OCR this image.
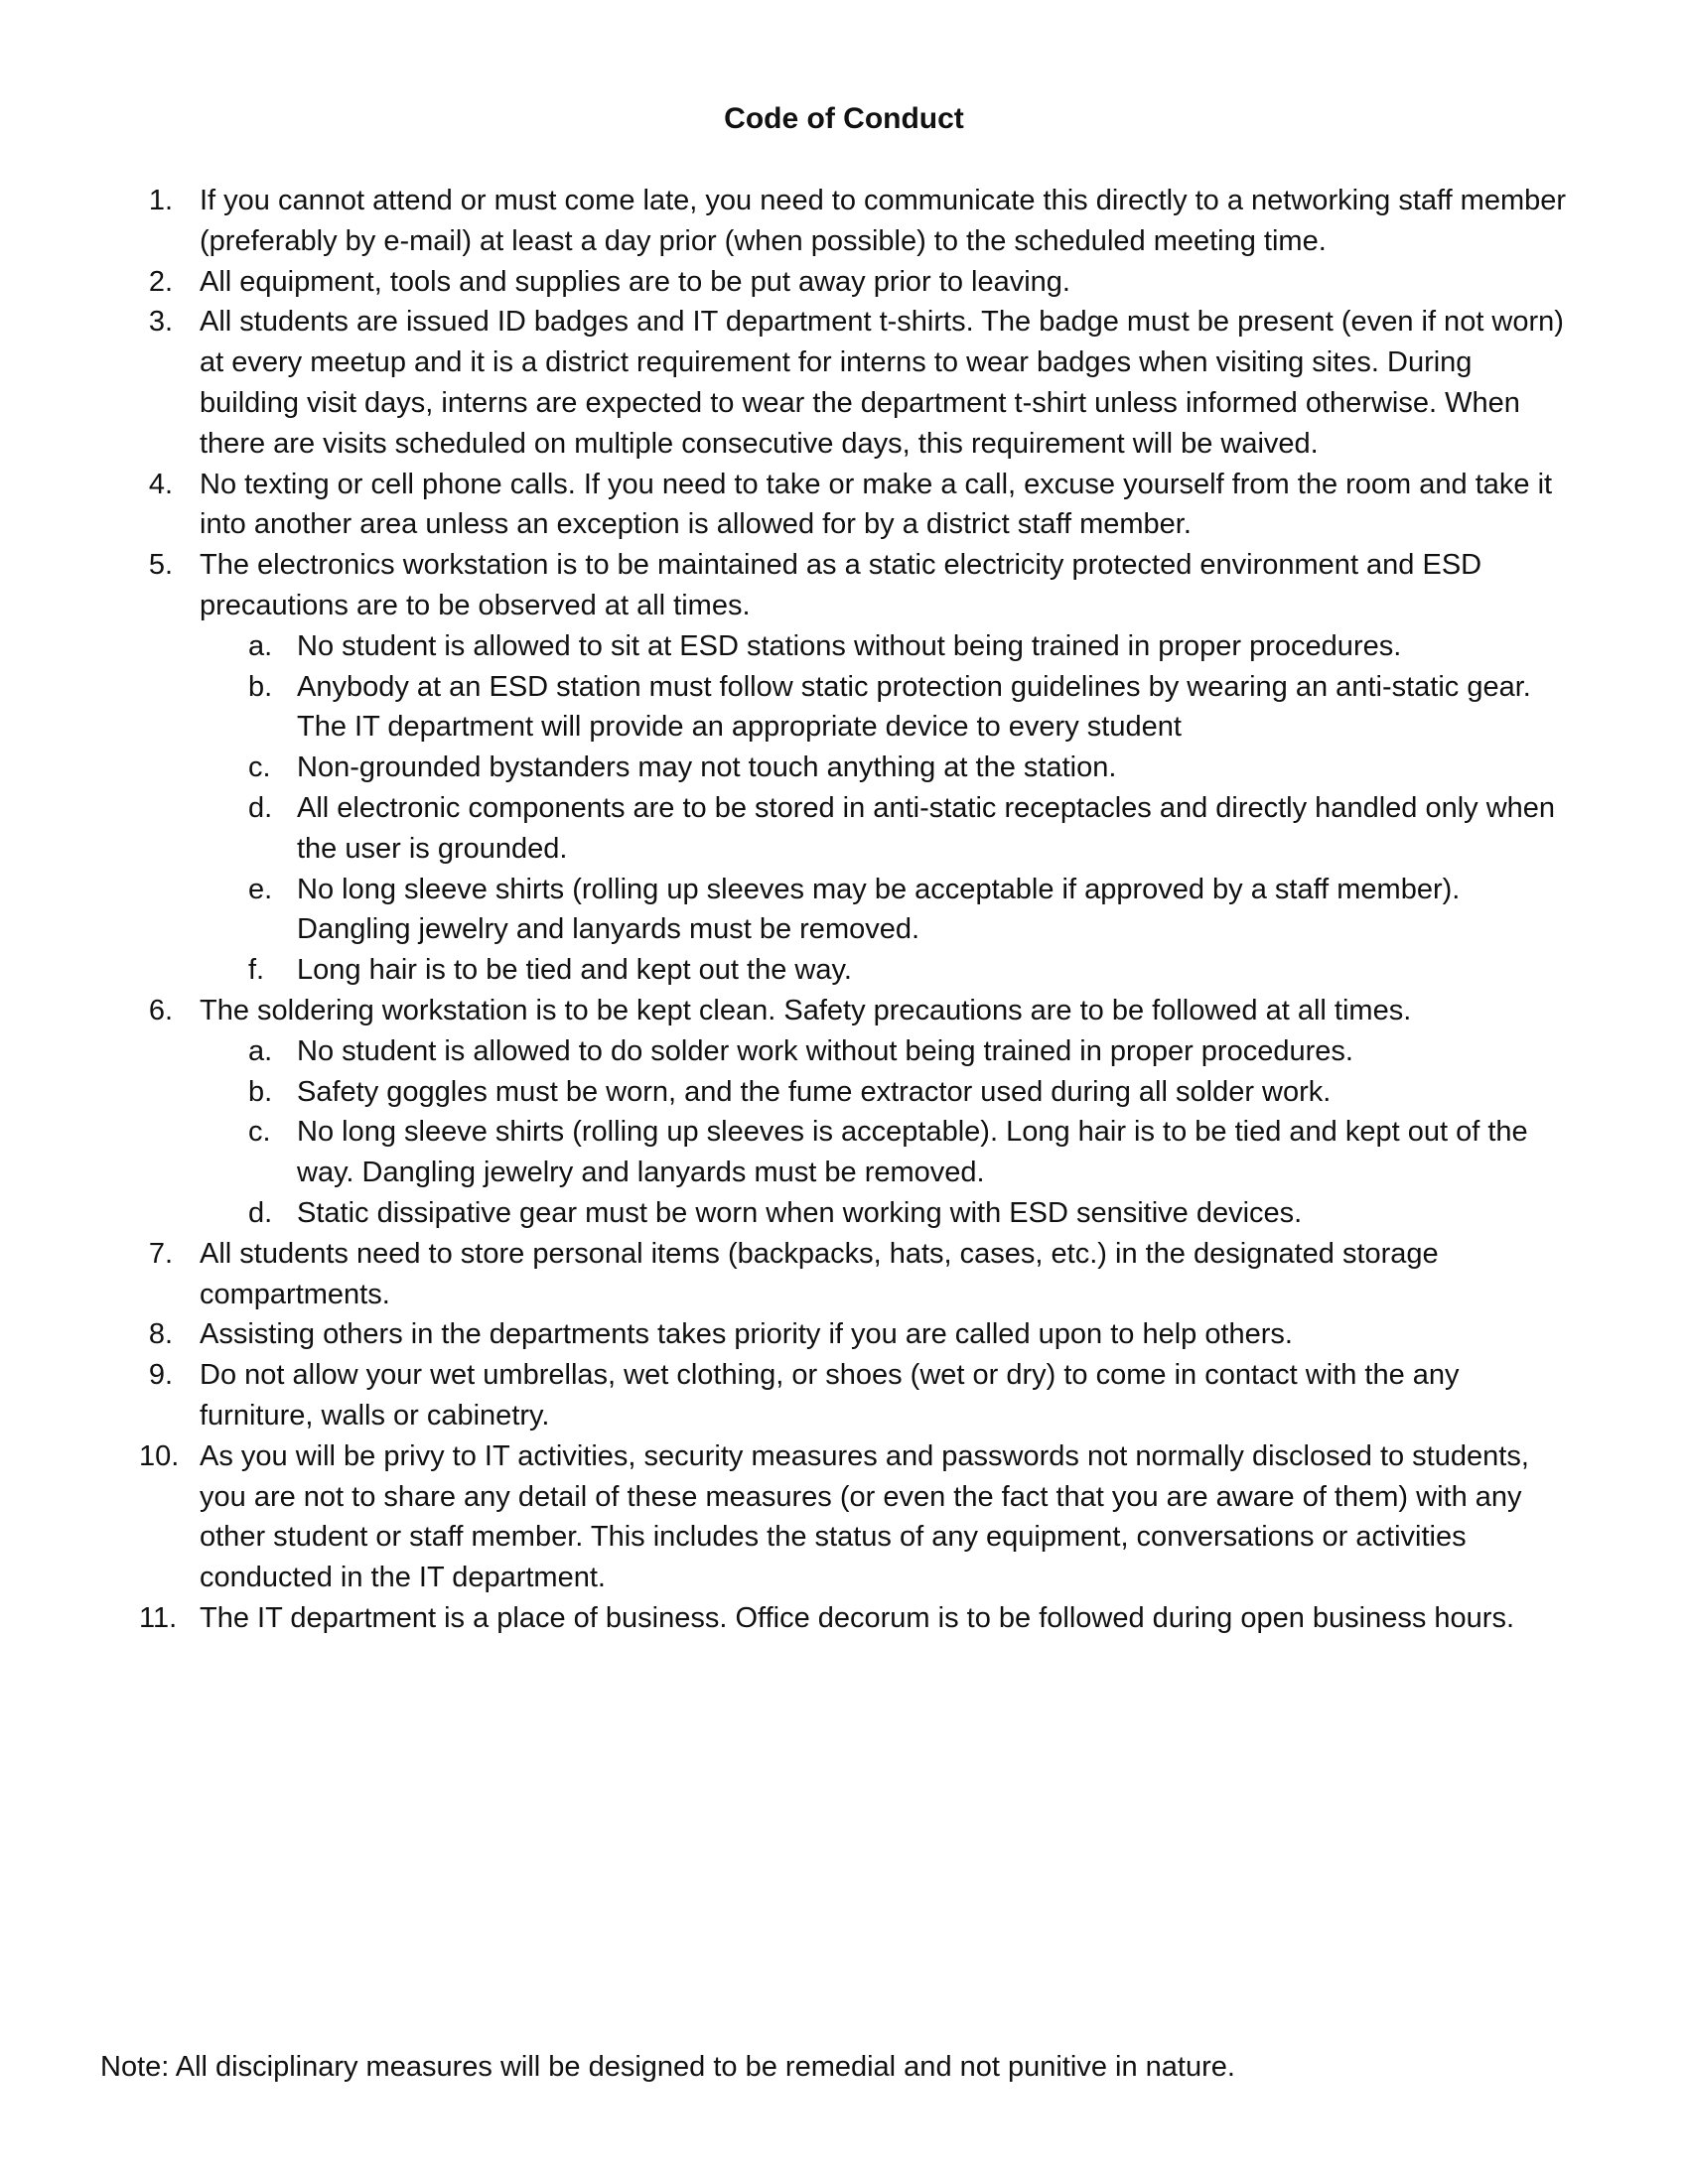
Code of Conduct
1. If you cannot attend or must come late, you need to communicate this directly to a networking staff member (preferably by e-mail) at least a day prior (when possible) to the scheduled meeting time.
2. All equipment, tools and supplies are to be put away prior to leaving.
3. All students are issued ID badges and IT department t-shirts. The badge must be present (even if not worn) at every meetup and it is a district requirement for interns to wear badges when visiting sites. During building visit days, interns are expected to wear the department t-shirt unless informed otherwise. When there are visits scheduled on multiple consecutive days, this requirement will be waived.
4. No texting or cell phone calls. If you need to take or make a call, excuse yourself from the room and take it into another area unless an exception is allowed for by a district staff member.
5. The electronics workstation is to be maintained as a static electricity protected environment and ESD precautions are to be observed at all times.
a. No student is allowed to sit at ESD stations without being trained in proper procedures.
b. Anybody at an ESD station must follow static protection guidelines by wearing an anti-static gear. The IT department will provide an appropriate device to every student
c. Non-grounded bystanders may not touch anything at the station.
d. All electronic components are to be stored in anti-static receptacles and directly handled only when the user is grounded.
e. No long sleeve shirts (rolling up sleeves may be acceptable if approved by a staff member). Dangling jewelry and lanyards must be removed.
f.	Long hair is to be tied and kept out the way.
6. The soldering workstation is to be kept clean. Safety precautions are to be followed at all times.
a. No student is allowed to do solder work without being trained in proper procedures.
b. Safety goggles must be worn, and the fume extractor used during all solder work.
c. No long sleeve shirts (rolling up sleeves is acceptable). Long hair is to be tied and kept out of the way. Dangling jewelry and lanyards must be removed.
d. Static dissipative gear must be worn when working with ESD sensitive devices.
7. All students need to store personal items (backpacks, hats, cases, etc.) in the designated storage compartments.
8. Assisting others in the departments takes priority if you are called upon to help others.
9. Do not allow your wet umbrellas, wet clothing, or shoes (wet or dry) to come in contact with the any furniture, walls or cabinetry.
10. As you will be privy to IT activities, security measures and passwords not normally disclosed to students, you are not to share any detail of these measures (or even the fact that you are aware of them) with any other student or staff member. This includes the status of any equipment, conversations or activities conducted in the IT department.
11. The IT department is a place of business. Office decorum is to be followed during open business hours.
Note: All disciplinary measures will be designed to be remedial and not punitive in nature.
